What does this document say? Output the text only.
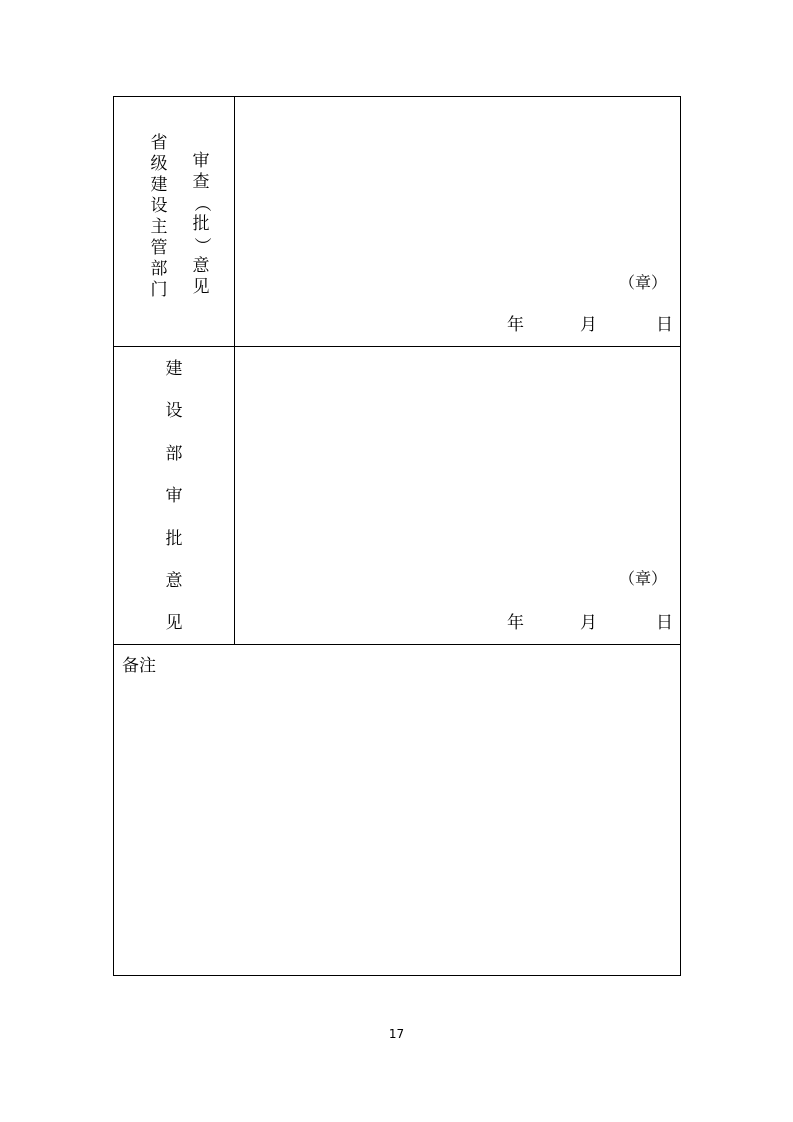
省
级
建
设
主
管
部
门
审
查
（
批
）
意
见	（章）
年	月	日
建
设
部
审
批
意
见
（章）
年	月	日
备注
17
